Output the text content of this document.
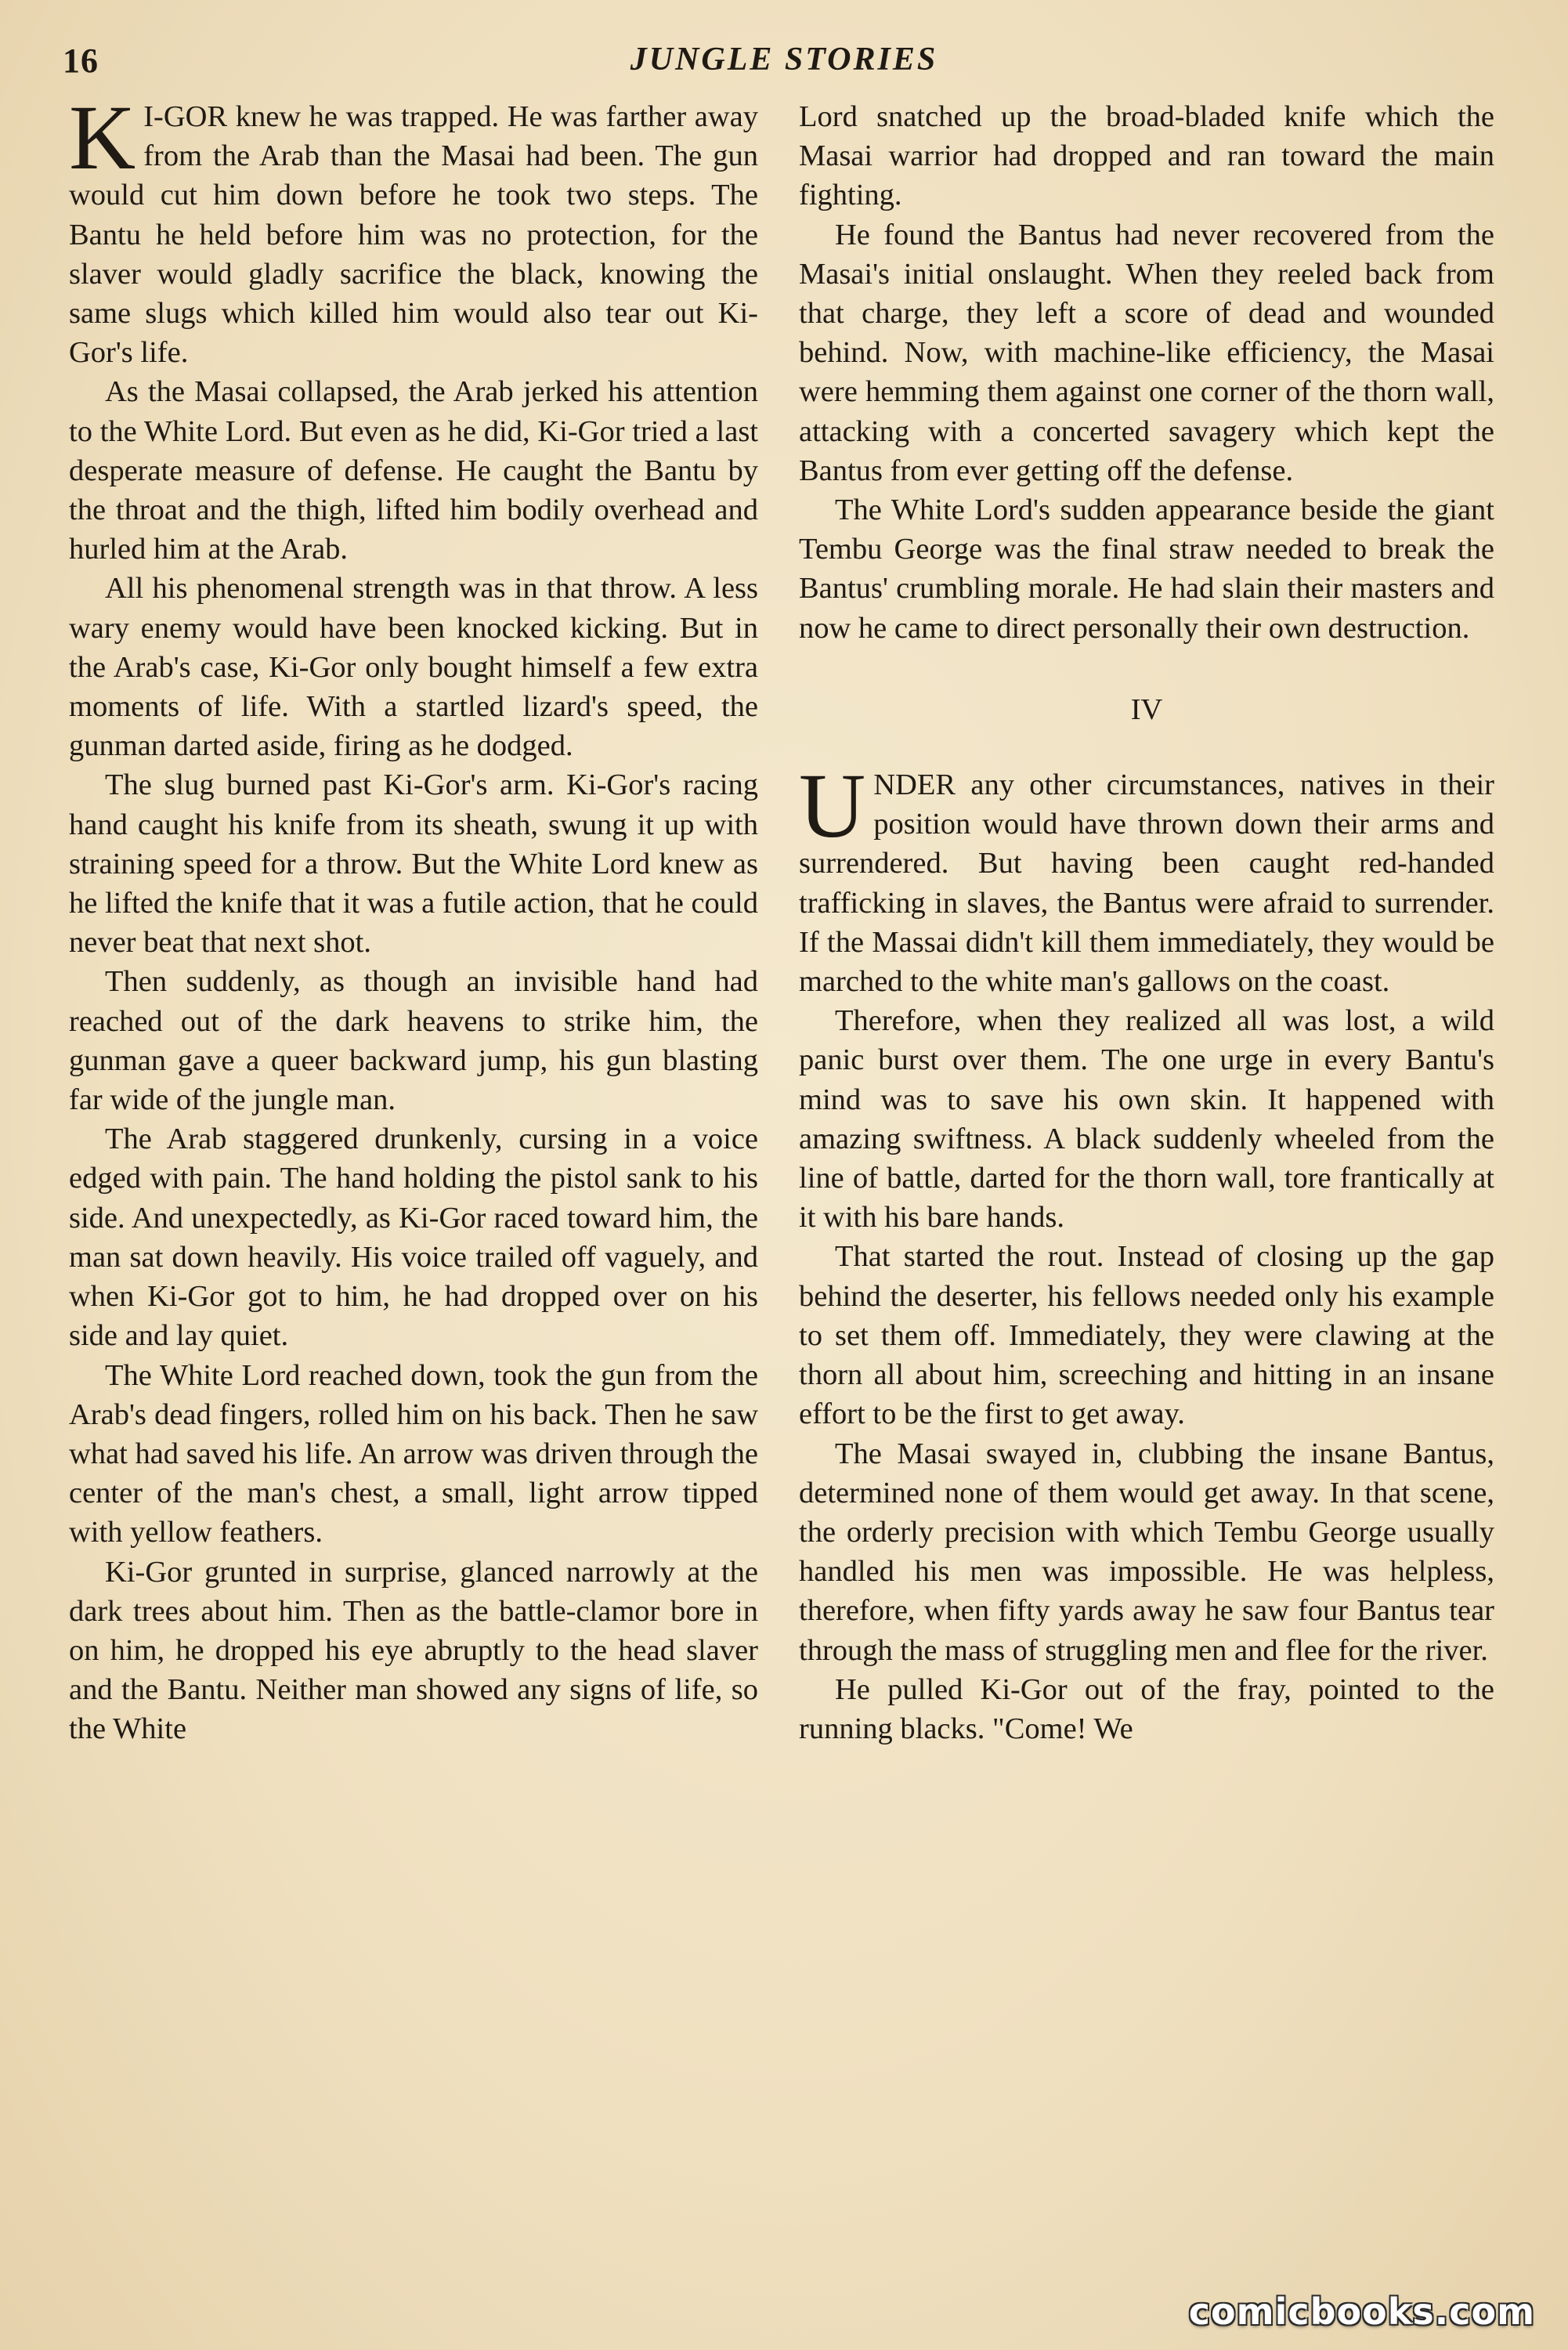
16	JUNGLE STORIES

K I-GOR knew he was trapped. He was farther away from the Arab than the Masai had been. The gun would cut him down before he took two steps. The Bantu he held before him was no protection, for the slaver would gladly sacrifice the black, knowing the same slugs which killed him would also tear out Ki-Gor's life.

As the Masai collapsed, the Arab jerked his attention to the White Lord. But even as he did, Ki-Gor tried a last desperate measure of defense. He caught the Bantu by the throat and the thigh, lifted him bodily overhead and hurled him at the Arab.

All his phenomenal strength was in that throw. A less wary enemy would have been knocked kicking. But in the Arab's case, Ki-Gor only bought himself a few extra moments of life. With a startled lizard's speed, the gunman darted aside, firing as he dodged.

The slug burned past Ki-Gor's arm. Ki-Gor's racing hand caught his knife from its sheath, swung it up with straining speed for a throw. But the White Lord knew as he lifted the knife that it was a futile action, that he could never beat that next shot.

Then suddenly, as though an invisible hand had reached out of the dark heavens to strike him, the gunman gave a queer backward jump, his gun blasting far wide of the jungle man.

The Arab staggered drunkenly, cursing in a voice edged with pain. The hand holding the pistol sank to his side. And unexpectedly, as Ki-Gor raced toward him, the man sat down heavily. His voice trailed off vaguely, and when Ki-Gor got to him, he had dropped over on his side and lay quiet.

The White Lord reached down, took the gun from the Arab's dead fingers, rolled him on his back. Then he saw what had saved his life. An arrow was driven through the center of the man's chest, a small, light arrow tipped with yellow feathers.

Ki-Gor grunted in surprise, glanced narrowly at the dark trees about him. Then as the battle-clamor bore in on him, he dropped his eye abruptly to the head slaver and the Bantu. Neither man showed any signs of life, so the White

Lord snatched up the broad-bladed knife which the Masai warrior had dropped and ran toward the main fighting.

He found the Bantus had never recovered from the Masai's initial onslaught. When they reeled back from that charge, they left a score of dead and wounded behind. Now, with machine-like efficiency, the Masai were hemming them against one corner of the thorn wall, attacking with a concerted savagery which kept the Bantus from ever getting off the defense.

The White Lord's sudden appearance beside the giant Tembu George was the final straw needed to break the Bantus' crumbling morale. He had slain their masters and now he came to direct personally their own destruction.

IV

UNDER any other circumstances, natives in their position would have thrown down their arms and surrendered. But having been caught red-handed trafficking in slaves, the Bantus were afraid to surrender. If the Massai didn't kill them immediately, they would be marched to the white man's gallows on the coast.

Therefore, when they realized all was lost, a wild panic burst over them. The one urge in every Bantu's mind was to save his own skin. It happened with amazing swiftness. A black suddenly wheeled from the line of battle, darted for the thorn wall, tore frantically at it with his bare hands.

That started the rout. Instead of closing up the gap behind the deserter, his fellows needed only his example to set them off. Immediately, they were clawing at the thorn all about him, screeching and hitting in an insane effort to be the first to get away.

The Masai swayed in, clubbing the insane Bantus, determined none of them would get away. In that scene, the orderly precision with which Tembu George usually handled his men was impossible. He was helpless, therefore, when fifty yards away he saw four Bantus tear through the mass of struggling men and flee for the river.

He pulled Ki-Gor out of the fray, pointed to the running blacks. "Come! We

comicbooks.com
